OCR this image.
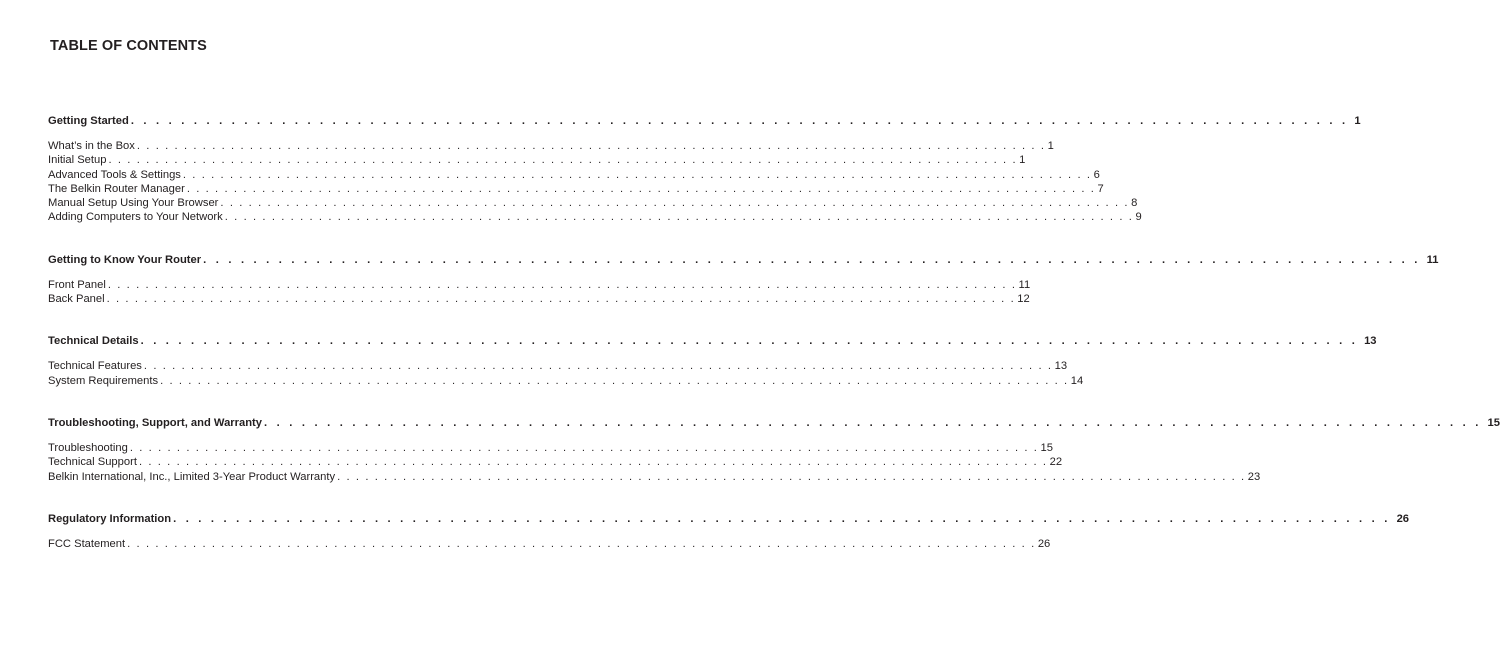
TABLE OF CONTENTS
Getting Started . . . . . . . . . . . . . . . . . . . . . . . . . . . . . . . . . . . . . . . . . . . . . . . . . . . . . . . . . . . . . . . . . . . . . . . . . . . . . . . . . . . . . . . . . . . . . . . . . 1
What’s in the Box . . . . . . . . . . . . . . . . . . . . . . . . . . . . . . . . . . . . . . . . . . . . . . . . . . . . . . . . . . . . . . . . . . . . . . . . . . . . . . . . . . . . . . . . . . . . . . . . . 1
Initial Setup . . . . . . . . . . . . . . . . . . . . . . . . . . . . . . . . . . . . . . . . . . . . . . . . . . . . . . . . . . . . . . . . . . . . . . . . . . . . . . . . . . . . . . . . . . . . . . . . . 1
Advanced Tools & Settings . . . . . . . . . . . . . . . . . . . . . . . . . . . . . . . . . . . . . . . . . . . . . . . . . . . . . . . . . . . . . . . . . . . . . . . . . . . . . . . . . . . . . . . . . . . . . . . . . 6
The Belkin Router Manager . . . . . . . . . . . . . . . . . . . . . . . . . . . . . . . . . . . . . . . . . . . . . . . . . . . . . . . . . . . . . . . . . . . . . . . . . . . . . . . . . . . . . . . . . . . . . . . . . 7
Manual Setup Using Your Browser . . . . . . . . . . . . . . . . . . . . . . . . . . . . . . . . . . . . . . . . . . . . . . . . . . . . . . . . . . . . . . . . . . . . . . . . . . . . . . . . . . . . . . . . . . . . . . . . . 8
Adding Computers to Your Network . . . . . . . . . . . . . . . . . . . . . . . . . . . . . . . . . . . . . . . . . . . . . . . . . . . . . . . . . . . . . . . . . . . . . . . . . . . . . . . . . . . . . . . . . . . . . . . . . 9
Getting to Know Your Router . . . . . . . . . . . . . . . . . . . . . . . . . . . . . . . . . . . . . . . . . . . . . . . . . . . . . . . . . . . . . . . . . . . . . . . . . . . . . . . . . . . . . . . . . . . . . . . . . 11
Front Panel . . . . . . . . . . . . . . . . . . . . . . . . . . . . . . . . . . . . . . . . . . . . . . . . . . . . . . . . . . . . . . . . . . . . . . . . . . . . . . . . . . . . . . . . . . . . . . . . . 11
Back Panel . . . . . . . . . . . . . . . . . . . . . . . . . . . . . . . . . . . . . . . . . . . . . . . . . . . . . . . . . . . . . . . . . . . . . . . . . . . . . . . . . . . . . . . . . . . . . . . . . 12
Technical Details . . . . . . . . . . . . . . . . . . . . . . . . . . . . . . . . . . . . . . . . . . . . . . . . . . . . . . . . . . . . . . . . . . . . . . . . . . . . . . . . . . . . . . . . . . . . . . . . . 13
Technical Features . . . . . . . . . . . . . . . . . . . . . . . . . . . . . . . . . . . . . . . . . . . . . . . . . . . . . . . . . . . . . . . . . . . . . . . . . . . . . . . . . . . . . . . . . . . . . . . . . 13
System Requirements . . . . . . . . . . . . . . . . . . . . . . . . . . . . . . . . . . . . . . . . . . . . . . . . . . . . . . . . . . . . . . . . . . . . . . . . . . . . . . . . . . . . . . . . . . . . . . . . . 14
Troubleshooting, Support, and Warranty . . . . . . . . . . . . . . . . . . . . . . . . . . . . . . . . . . . . . . . . . . . . . . . . . . . . . . . . . . . . . . . . . . . . . . . . . . . . . . . . . . . . . . . . . . . . . . . . . 15
Troubleshooting . . . . . . . . . . . . . . . . . . . . . . . . . . . . . . . . . . . . . . . . . . . . . . . . . . . . . . . . . . . . . . . . . . . . . . . . . . . . . . . . . . . . . . . . . . . . . . . . . 15
Technical Support . . . . . . . . . . . . . . . . . . . . . . . . . . . . . . . . . . . . . . . . . . . . . . . . . . . . . . . . . . . . . . . . . . . . . . . . . . . . . . . . . . . . . . . . . . . . . . . . . 22
Belkin International, Inc., Limited 3-Year Product Warranty . . . . . . . . . . . . . . . . . . . . . . . . . . . . . . . . . . . . . . . . . . . . . . . . . . . . . . . . . . . . . . . . . . . . . . . . . . . . . . . . . . . . . . . . . . . . . . . . . 23
Regulatory Information . . . . . . . . . . . . . . . . . . . . . . . . . . . . . . . . . . . . . . . . . . . . . . . . . . . . . . . . . . . . . . . . . . . . . . . . . . . . . . . . . . . . . . . . . . . . . . . . . 26
FCC Statement . . . . . . . . . . . . . . . . . . . . . . . . . . . . . . . . . . . . . . . . . . . . . . . . . . . . . . . . . . . . . . . . . . . . . . . . . . . . . . . . . . . . . . . . . . . . . . . . . 26
